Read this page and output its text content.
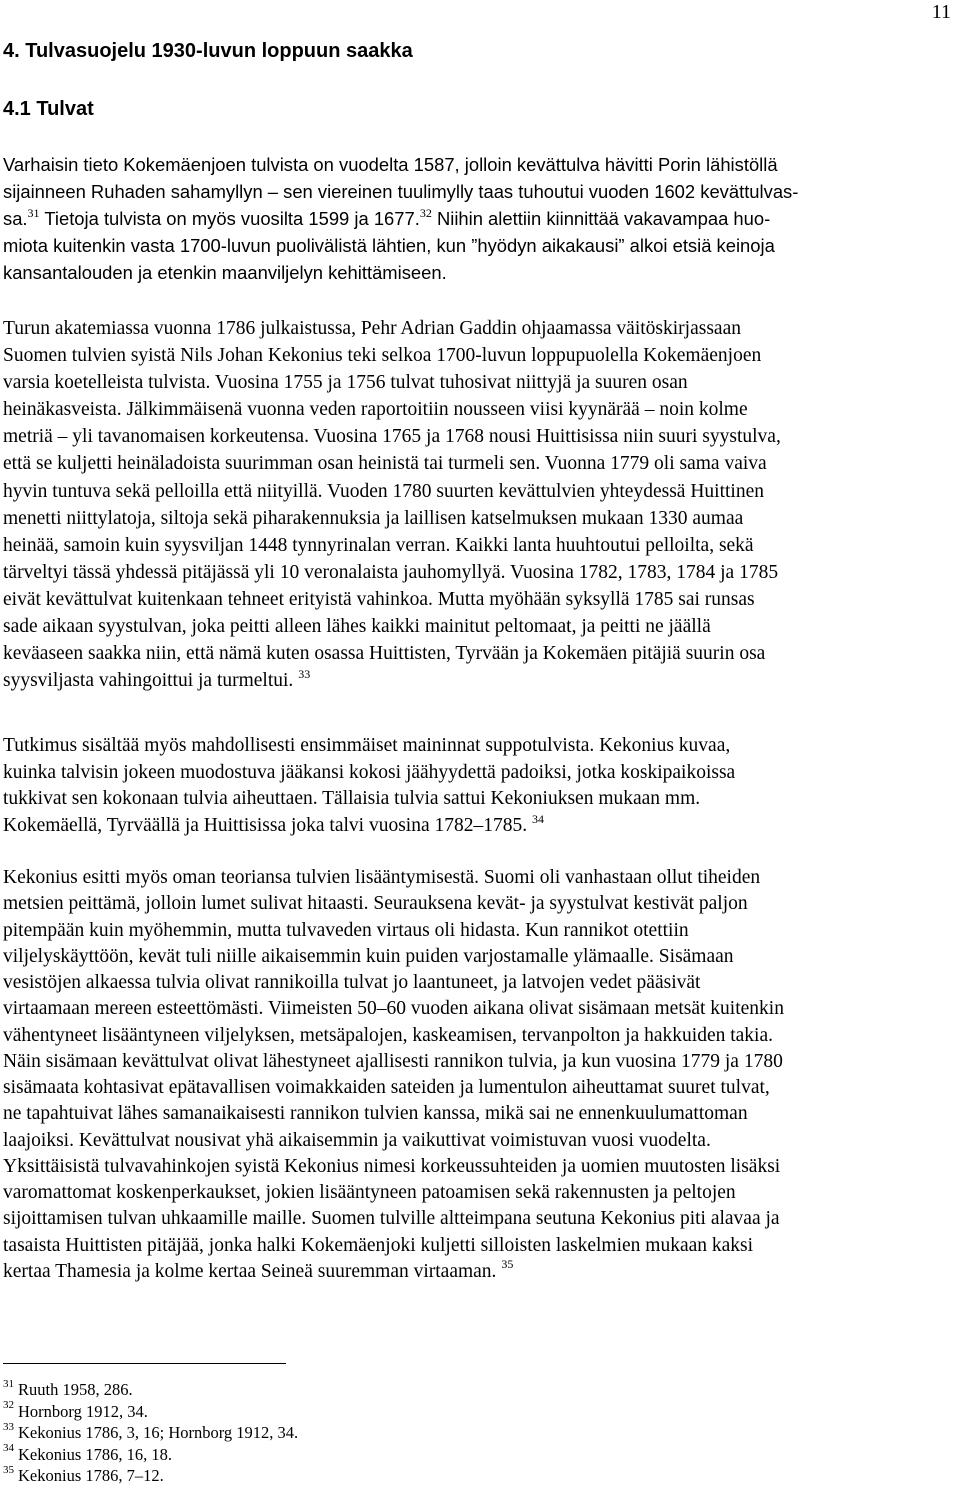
11
4. Tulvasuojelu 1930-luvun loppuun saakka
4.1 Tulvat
Varhaisin tieto Kokemäenjoen tulvista on vuodelta 1587, jolloin kevättulva hävitti Porin lähistöllä
sijainneen Ruhaden sahamyllyn – sen viereinen tuulimylly taas tuhoutui vuoden 1602 kevättulvas-
sa.$^{31}$ Tietoja tulvista on myös vuosilta 1599 ja 1677.32 Niihin alettiin kiinnittää vakavampaa huo-
miota kuitenkin vasta 1700-luvun puolivälistä lähtien, kun ”hyödyn aikakausi” alkoi etsiä keinoja
kansantalouden ja etenkin maanviljelyn kehittämiseen.
Turun akatemiassa vuonna 1786 julkaistussa, Pehr Adrian Gaddin ohjaamassa väitöskirjassaan
Suomen tulvien syistä Nils Johan Kekonius teki selkoa 1700-luvun loppupuolella Kokemäenjoen
varsia koetelleista tulvista. Vuosina 1755 ja 1756 tulvat tuhosivat niittyjä ja suuren osan
heinäkasveista. Jälkimmäisenä vuonna veden raportoitiin nousseen viisi kyynärää – noin kolme
metriä – yli tavanomaisen korkeutensa. Vuosina 1765 ja 1768 nousi Huittisissa niin suuri syystulva,
että se kuljetti heinäladoista suurimman osan heinistä tai turmeli sen. Vuonna 1779 oli sama vaiva
hyvin tuntuva sekä pelloilla että niityillä. Vuoden 1780 suurten kevättulvien yhteydessä Huittinen
menetti niittylatoja, siltoja sekä piharakennuksia ja laillisen katselmuksen mukaan 1330 aumaa
heinää, samoin kuin syysviljan 1448 tynnyrinalan verran. Kaikki lanta huuhtoutui pelloilta, sekä
tärveltyi tässä yhdessä pitäjässä yli 10 veronalaista jauhomyllyä. Vuosina 1782, 1783, 1784 ja 1785
eivät kevättulvat kuitenkaan tehneet erityistä vahinkoa. Mutta myöhään syksyllä 1785 sai runsas
sade aikaan syystulvan, joka peitti alleen lähes kaikki mainitut peltomaat, ja peitti ne jäällä
keväaseen saakka niin, että nämä kuten osassa Huittisten, Tyrvään ja Kokemäen pitäjiä suurin osa
syysviljasta vahingoittui ja turmeltui. $^{33}$
Tutkimus sisältää myös mahdollisesti ensimmäiset maininnat suppotulvista. Kekonius kuvaa,
kuinka talvisin jokeen muodostuva jääkansi kokosi jäähyydettä padoiksi, jotka koskipaikoissa
tukkivat sen kokonaan tulvia aiheuttaen. Tällaisia tulvia sattui Kekoniuksen mukaan mm.
Kokemäellä, Tyrväällä ja Huittisissa joka talvi vuosina 1782–1785. $^{34}$
Kekonius esitti myös oman teoriansa tulvien lisääntymisestä. Suomi oli vanhastaan ollut tiheiden
metsien peittämä, jolloin lumet sulivat hitaasti. Seurauksena kevät- ja syystulvat kestivät paljon
pitempään kuin myöhemmin, mutta tulvaveden virtaus oli hidasta. Kun rannikot otettiin
viljelyskäyttöön, kevät tuli niille aikaisemmin kuin puiden varjostamalle ylämaalle. Sisämaan
vesistöjen alkaessa tulvia olivat rannikoilla tulvat jo laantuneet, ja latvojen vedet pääsivät
virtaamaan mereen esteettömästi. Viimeisten 50–60 vuoden aikana olivat sisämaan metsät kuitenkin
vähentyneet lisääntyneen viljelyksen, metsäpalojen, kaskeamisen, tervanpolton ja hakkuiden takia.
Näin sisämaan kevättulvat olivat lähestyneet ajallisesti rannikon tulvia, ja kun vuosina 1779 ja 1780
sisämaata kohtasivat epätavallisen voimakkaiden sateiden ja lumentulon aiheuttamat suuret tulvat,
ne tapahtuivat lähes samanaikaisesti rannikon tulvien kanssa, mikä sai ne ennenkuulumattoman
laajoiksi. Kevättulvat nousivat yhä aikaisemmin ja vaikuttivat voimistuvan vuosi vuodelta.
Yksittäisistä tulvavahinkojen syistä Kekonius nimesi korkeussuhteiden ja uomien muutosten lisäksi
varomattomat koskenperkaukset, jokien lisääntyneen patoamisen sekä rakennusten ja peltojen
sijoittamisen tulvan uhkaamille maille. Suomen tulville altteimpana seutuna Kekonius piti alavaa ja
tasaista Huittisten pitäjää, jonka halki Kokemäenjoki kuljetti silloisten laskelmien mukaan kaksi
kertaa Thamesia ja kolme kertaa Seineä suuremman virtaaman. $^{35}$
$^{31}$ Ruuth 1958, 286.
$^{32}$ Hornborg 1912, 34.
$^{33}$ Kekonius 1786, 3, 16; Hornborg 1912, 34.
$^{34}$ Kekonius 1786, 16, 18.
$^{35}$ Kekonius 1786, 7–12.
